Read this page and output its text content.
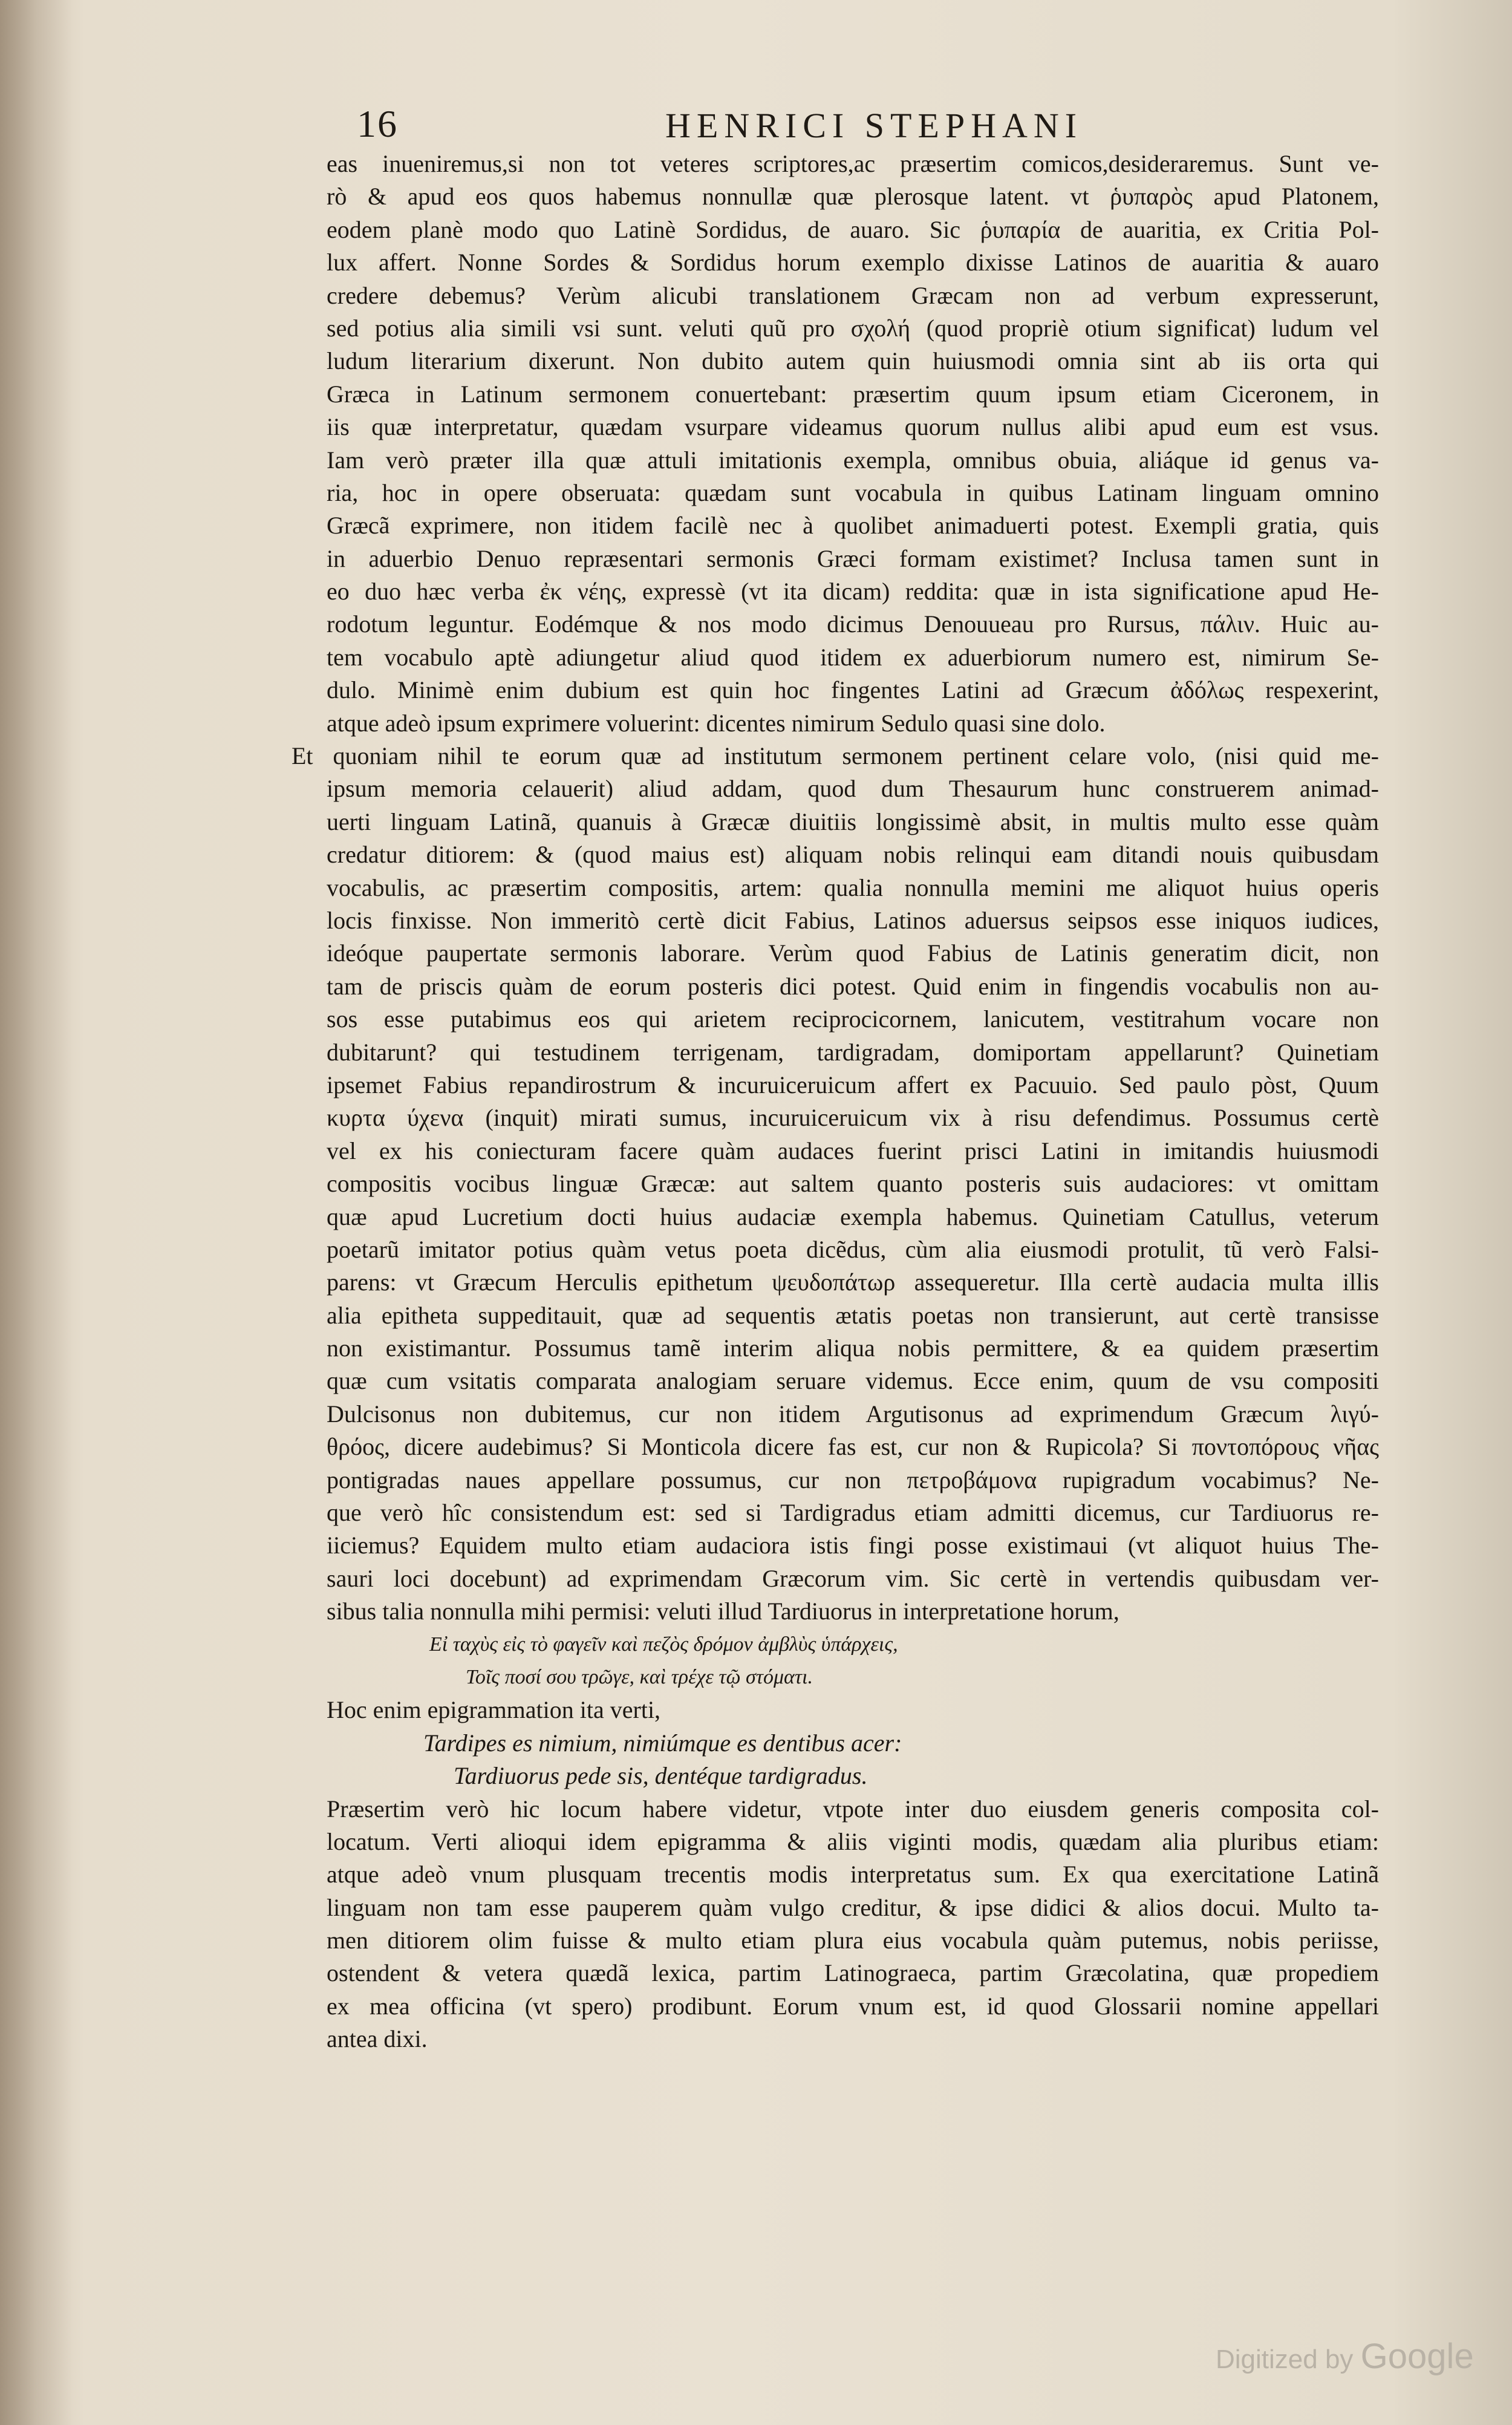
16	HENRICI STEPHANI
eas inueniremus,si non tot veteres scriptores,ac præsertim comicos,desideraremus. Sunt ve-
rò & apud eos quos habemus nonnullæ quæ plerosque latent. vt ῥυπαρὸς apud Platonem,
eodem planè modo quo Latinè Sordidus, de auaro. Sic ῥυπαρία de auaritia, ex Critia Pol-
lux affert. Nonne Sordes & Sordidus horum exemplo dixisse Latinos de auaritia & auaro
credere debemus? Verùm alicubi translationem Græcam non ad verbum expresserunt,
sed potius alia simili vsi sunt. veluti quũ pro σχολή (quod propriè otium significat) ludum vel
ludum literarium dixerunt. Non dubito autem quin huiusmodi omnia sint ab iis orta qui
Græca in Latinum sermonem conuertebant: præsertim quum ipsum etiam Ciceronem, in
iis quæ interpretatur, quædam vsurpare videamus quorum nullus alibi apud eum est vsus.
Iam verò præter illa quæ attuli imitationis exempla, omnibus obuia, aliáque id genus va-
ria, hoc in opere obseruata: quædam sunt vocabula in quibus Latinam linguam omnino
Græcã exprimere, non itidem facilè nec à quolibet animaduerti potest. Exempli gratia, quis
in aduerbio Denuo repræsentari sermonis Græci formam existimet? Inclusa tamen sunt in
eo duo hæc verba ἐκ νέης, expressè (vt ita dicam) reddita: quæ in ista significatione apud He-
rodotum leguntur. Eodémque & nos modo dicimus Denouueau pro Rursus, πάλιν. Huic au-
tem vocabulo aptè adiungetur aliud quod itidem ex aduerbiorum numero est, nimirum Se-
dulo. Minimè enim dubium est quin hoc fingentes Latini ad Græcum ἀδόλως respexerint,
atque adeò ipsum exprimere voluerint: dicentes nimirum Sedulo quasi sine dolo.
Et quoniam nihil te eorum quæ ad institutum sermonem pertinent celare volo, (nisi quid me-
ipsum memoria celauerit) aliud addam, quod dum Thesaurum hunc construerem animad-
uerti linguam Latinã, quanuis à Græcæ diuitiis longissimè absit, in multis multo esse quàm
credatur ditiorem: & (quod maius est) aliquam nobis relinqui eam ditandi nouis quibusdam
vocabulis, ac præsertim compositis, artem: qualia nonnulla memini me aliquot huius operis
locis finxisse. Non immeritò certè dicit Fabius, Latinos aduersus seipsos esse iniquos iudices,
ideóque paupertate sermonis laborare. Verùm quod Fabius de Latinis generatim dicit, non
tam de priscis quàm de eorum posteris dici potest. Quid enim in fingendis vocabulis non au-
sos esse putabimus eos qui arietem reciprocicornem, lanicutem, vestitrahum vocare non
dubitarunt? qui testudinem terrigenam, tardigradam, domiportam appellarunt? Quinetiam
ipsemet Fabius repandirostrum & incuruiceruicum affert ex Pacuuio. Sed paulo pòst, Quum
κυρτα ύχενα (inquit) mirati sumus, incuruiceruicum vix à risu defendimus. Possumus certè
vel ex his coniecturam facere quàm audaces fuerint prisci Latini in imitandis huiusmodi
compositis vocibus linguæ Græcæ: aut saltem quanto posteris suis audaciores: vt omittam
quæ apud Lucretium docti huius audaciæ exempla habemus. Quinetiam Catullus, veterum
poetarũ imitator potius quàm vetus poeta dicẽdus, cùm alia eiusmodi protulit, tũ verò Falsi-
parens: vt Græcum Herculis epithetum ψευδοπάτωρ assequeretur. Illa certè audacia multa illis
alia epitheta suppeditauit, quæ ad sequentis ætatis poetas non transierunt, aut certè transisse
non existimantur. Possumus tamẽ interim aliqua nobis permittere, & ea quidem præsertim
quæ cum vsitatis comparata analogiam seruare videmus. Ecce enim, quum de vsu compositi
Dulcisonus non dubitemus, cur non itidem Argutisonus ad exprimendum Græcum λιγύ-
θρόος, dicere audebimus? Si Monticola dicere fas est, cur non & Rupicola? Si ποντοπόρους νῆας
pontigradas naues appellare possumus, cur non πετροβάμονα rupigradum vocabimus? Ne-
que verò hîc consistendum est: sed si Tardigradus etiam admitti dicemus, cur Tardiuorus re-
iiciemus? Equidem multo etiam audaciora istis fingi posse existimaui (vt aliquot huius The-
sauri loci docebunt) ad exprimendam Græcorum vim. Sic certè in vertendis quibusdam ver-
sibus talia nonnulla mihi permisi: veluti illud Tardiuorus in interpretatione horum,
Εἰ ταχὺς εἰς τὸ φαγεῖν καὶ πεζὸς δρόμον ἀμβλὺς ὑπάρχεις,
Τοῖς ποσί σου τρῶγε, καὶ τρέχε τῷ στόματι.
Hoc enim epigrammation ita verti,
Tardipes es nimium, nimiúmque es dentibus acer:
Tardiuorus pede sis, dentéque tardigradus.
Præsertim verò hic locum habere videtur, vtpote inter duo eiusdem generis composita col-
locatum. Verti alioqui idem epigramma & aliis viginti modis, quædam alia pluribus etiam:
atque adeò vnum plusquam trecentis modis interpretatus sum. Ex qua exercitatione Latinã
linguam non tam esse pauperem quàm vulgo creditur, & ipse didici & alios docui. Multo ta-
men ditiorem olim fuisse & multo etiam plura eius vocabula quàm putemus, nobis periisse,
ostendent & vetera quædã lexica, partim Latinograeca, partim Græcolatina, quæ propediem
ex mea officina (vt spero) prodibunt. Eorum vnum est, id quod Glossarii nomine appellari
antea dixi.
Digitized by Google
